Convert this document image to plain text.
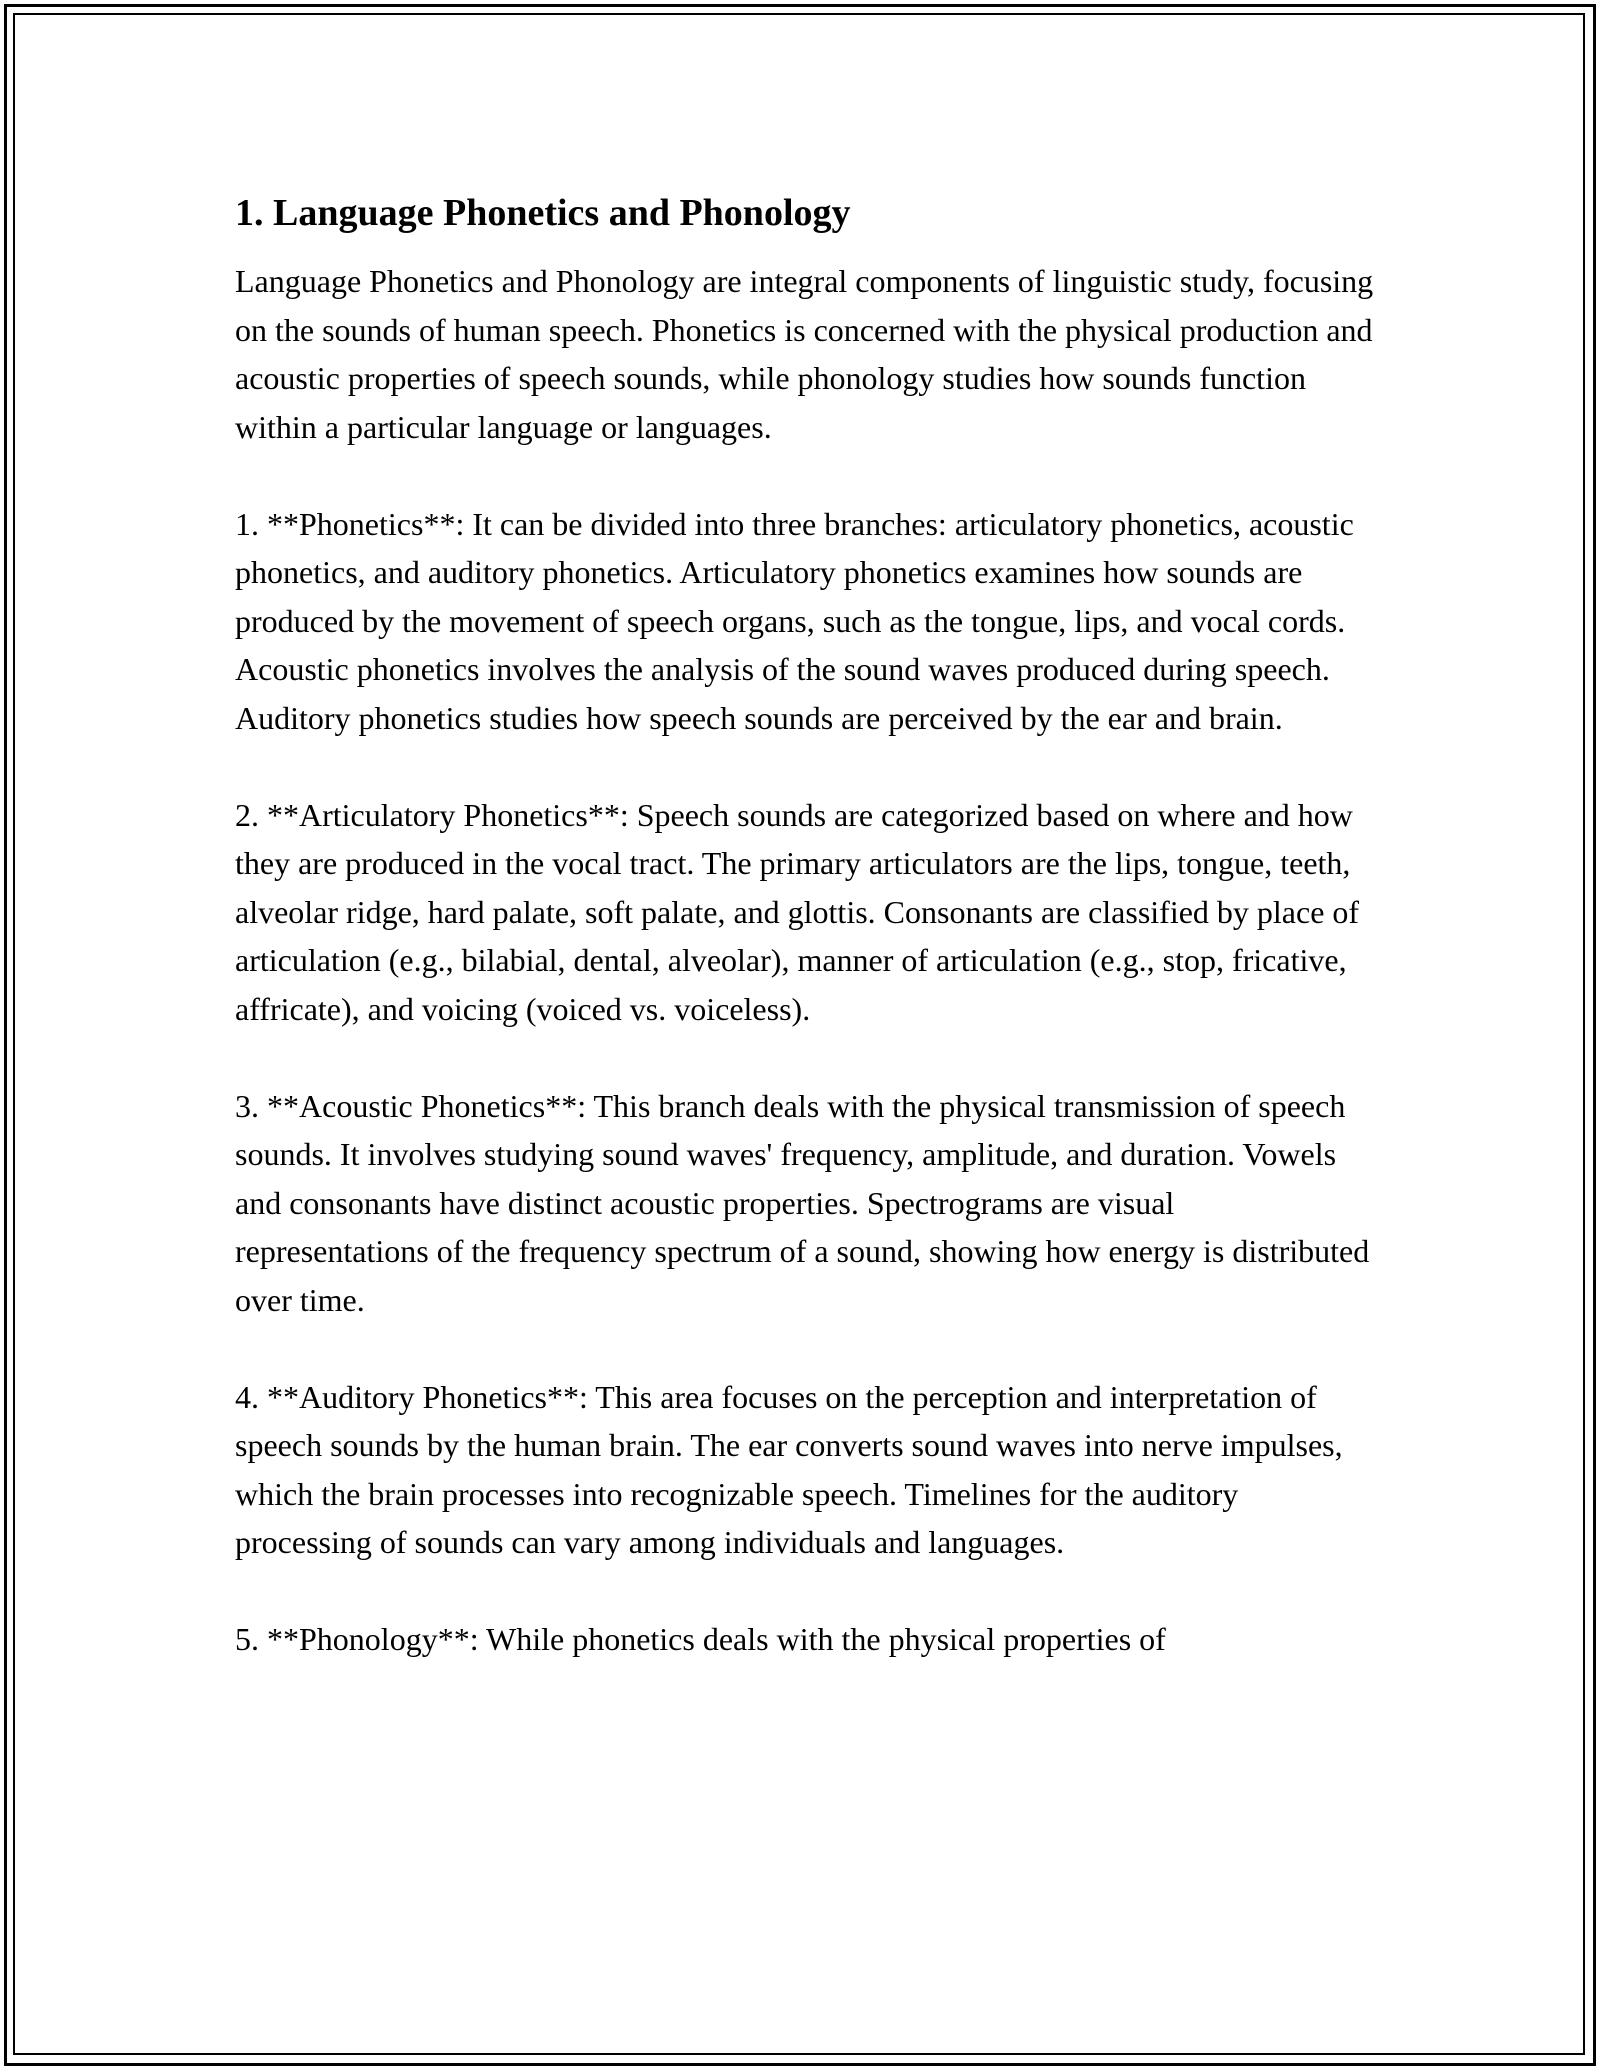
1. Language Phonetics and Phonology

Language Phonetics and Phonology are integral components of linguistic study, focusing on the sounds of human speech. Phonetics is concerned with the physical production and acoustic properties of speech sounds, while phonology studies how sounds function within a particular language or languages.

1. **Phonetics**: It can be divided into three branches: articulatory phonetics, acoustic phonetics, and auditory phonetics. Articulatory phonetics examines how sounds are produced by the movement of speech organs, such as the tongue, lips, and vocal cords. Acoustic phonetics involves the analysis of the sound waves produced during speech. Auditory phonetics studies how speech sounds are perceived by the ear and brain.

2. **Articulatory Phonetics**: Speech sounds are categorized based on where and how they are produced in the vocal tract. The primary articulators are the lips, tongue, teeth, alveolar ridge, hard palate, soft palate, and glottis. Consonants are classified by place of articulation (e.g., bilabial, dental, alveolar), manner of articulation (e.g., stop, fricative, affricate), and voicing (voiced vs. voiceless).

3. **Acoustic Phonetics**: This branch deals with the physical transmission of speech sounds. It involves studying sound waves' frequency, amplitude, and duration. Vowels and consonants have distinct acoustic properties. Spectrograms are visual representations of the frequency spectrum of a sound, showing how energy is distributed over time.

4. **Auditory Phonetics**: This area focuses on the perception and interpretation of speech sounds by the human brain. The ear converts sound waves into nerve impulses, which the brain processes into recognizable speech. Timelines for the auditory processing of sounds can vary among individuals and languages.

5. **Phonology**: While phonetics deals with the physical properties of
